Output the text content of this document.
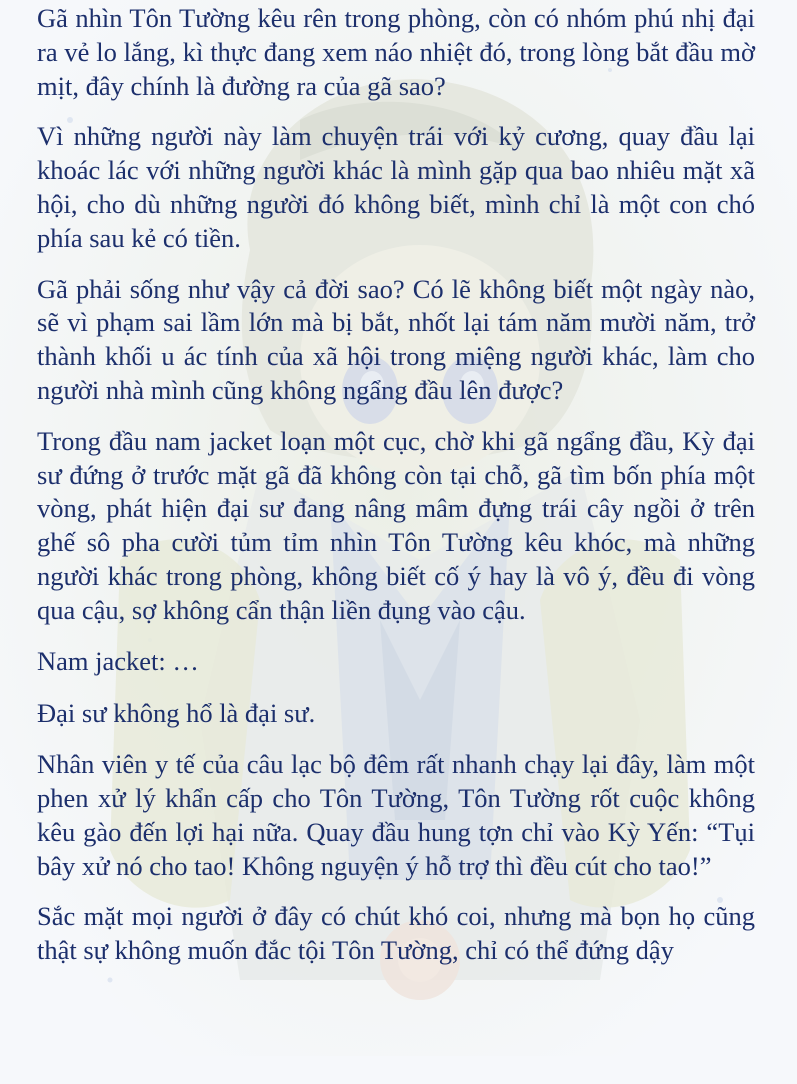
Gã nhìn Tôn Tường kêu rên trong phòng, còn có nhóm phú nhị đại ra vẻ lo lắng, kì thực đang xem náo nhiệt đó, trong lòng bắt đầu mờ mịt, đây chính là đường ra của gã sao?

Vì những người này làm chuyện trái với kỷ cương, quay đầu lại khoác lác với những người khác là mình gặp qua bao nhiêu mặt xã hội, cho dù những người đó không biết, mình chỉ là một con chó phía sau kẻ có tiền.

Gã phải sống như vậy cả đời sao? Có lẽ không biết một ngày nào, sẽ vì phạm sai lầm lớn mà bị bắt, nhốt lại tám năm mười năm, trở thành khối u ác tính của xã hội trong miệng người khác, làm cho người nhà mình cũng không ngẩng đầu lên được?

Trong đầu nam jacket loạn một cục, chờ khi gã ngẩng đầu, Kỳ đại sư đứng ở trước mặt gã đã không còn tại chỗ, gã tìm bốn phía một vòng, phát hiện đại sư đang nâng mâm đựng trái cây ngồi ở trên ghế sô pha cười tủm tỉm nhìn Tôn Tường kêu khóc, mà những người khác trong phòng, không biết cố ý hay là vô ý, đều đi vòng qua cậu, sợ không cẩn thận liền đụng vào cậu.

Nam jacket: …

Đại sư không hổ là đại sư.

Nhân viên y tế của câu lạc bộ đêm rất nhanh chạy lại đây, làm một phen xử lý khẩn cấp cho Tôn Tường, Tôn Tường rốt cuộc không kêu gào đến lợi hại nữa. Quay đầu hung tợn chỉ vào Kỳ Yến: “Tụi bây xử nó cho tao! Không nguyện ý hỗ trợ thì đều cút cho tao!”

Sắc mặt mọi người ở đây có chút khó coi, nhưng mà bọn họ cũng thật sự không muốn đắc tội Tôn Tường, chỉ có thể đứng dậy
